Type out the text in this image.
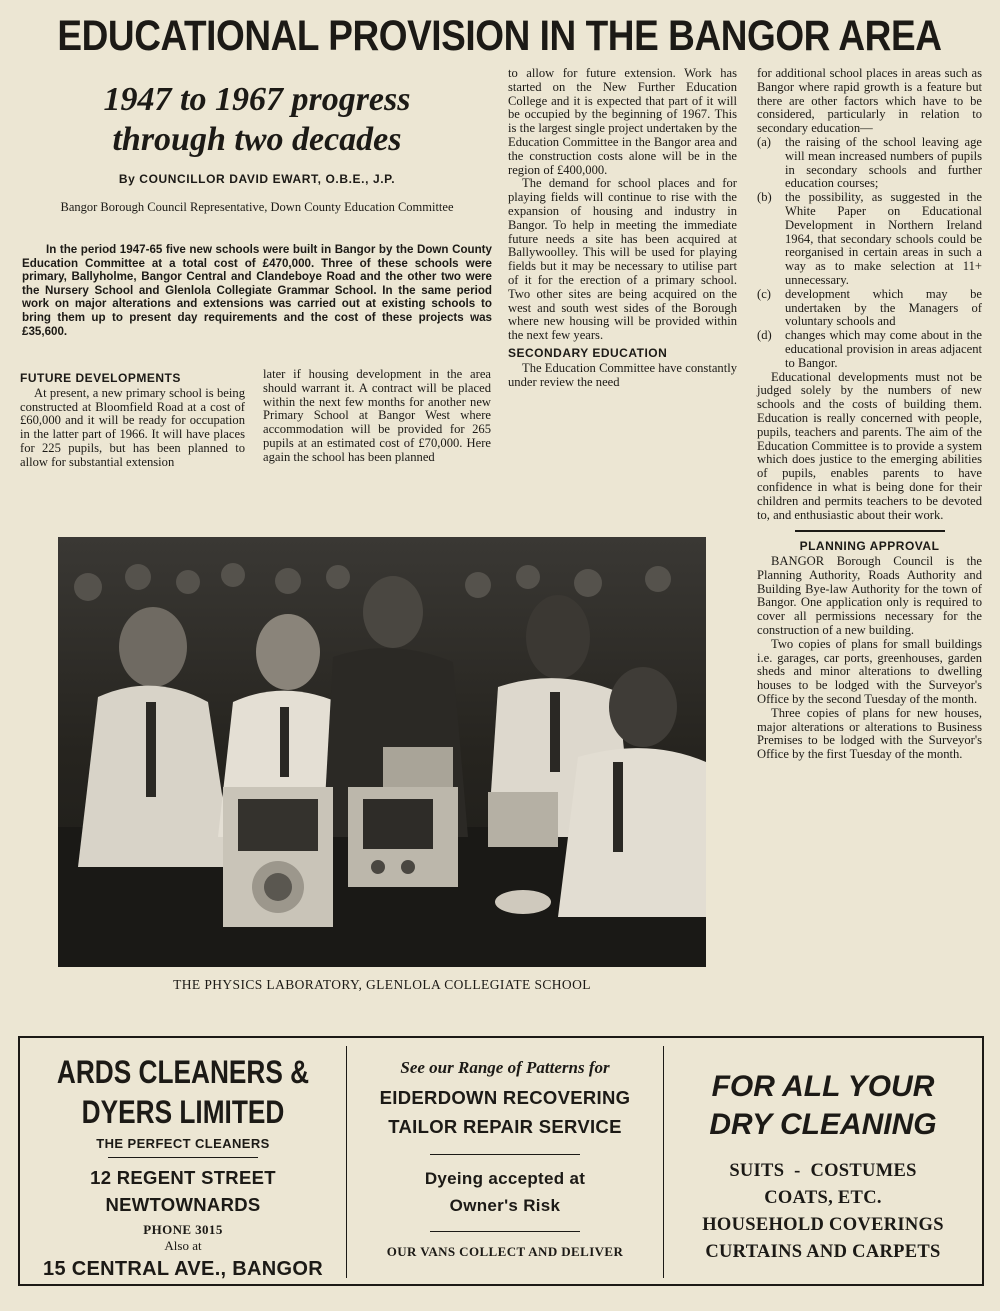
EDUCATIONAL PROVISION IN THE BANGOR AREA
1947 to 1967 progress
through two decades
By COUNCILLOR DAVID EWART, O.B.E., J.P.
Bangor Borough Council Representative, Down County Education Committee

In the period 1947-65 five new schools were built in Bangor by the Down County Education Committee at a total cost of £470,000. Three of these schools were primary, Ballyholme, Bangor Central and Clandeboye Road and the other two were the Nursery School and Glenlola Collegiate Grammar School. In the same period work on major alterations and extensions was carried out at existing schools to bring them up to present day requirements and the cost of these projects was £35,600.

FUTURE DEVELOPMENTS

At present, a new primary school is being constructed at Bloomfield Road at a cost of £60,000 and it will be ready for occupation in the latter part of 1966. It will have places for 225 pupils, but has been planned to allow for substantial extension

later if housing development in the area should warrant it. A contract will be placed within the next few months for another new Primary School at Bangor West where accommodation will be provided for 265 pupils at an estimated cost of £70,000. Here again the school has been planned

to allow for future extension. Work has started on the New Further Education College and it is expected that part of it will be occupied by the beginning of 1967. This is the largest single project undertaken by the Education Committee in the Bangor area and the construction costs alone will be in the region of £400,000.

The demand for school places and for playing fields will continue to rise with the expansion of housing and industry in Bangor. To help in meeting the immediate future needs a site has been acquired at Ballywoolley. This will be used for playing fields but it may be necessary to utilise part of it for the erection of a primary school. Two other sites are being acquired on the west and south west sides of the Borough where new housing will be provided within the next few years.

SECONDARY EDUCATION

The Education Committee have constantly under review the need

for additional school places in areas such as Bangor where rapid growth is a feature but there are other factors which have to be considered, particularly in relation to secondary education—

(a)	the raising of the school leaving age will mean increased numbers of pupils in secondary schools and further education courses;
(b)	the possibility, as suggested in the White Paper on Educational Development in Northern Ireland 1964, that secondary schools could be reorganised in certain areas in such a way as to make selection at 11+ unnecessary.
(c)	development which may be undertaken by the Managers of voluntary schools and
(d)	changes which may come about in the educational provision in areas adjacent to Bangor.

Educational developments must not be judged solely by the numbers of new schools and the costs of building them. Education is really concerned with people, pupils, teachers and parents. The aim of the Education Committee is to provide a system which does justice to the emerging abilities of pupils, enables parents to have confidence in what is being done for their children and permits teachers to be devoted to, and enthusiastic about their work.

PLANNING APPROVAL

BANGOR Borough Council is the Planning Authority, Roads Authority and Building Bye-law Authority for the town of Bangor. One application only is required to cover all permissions necessary for the construction of a new building.

Two copies of plans for small buildings i.e. garages, car ports, greenhouses, garden sheds and minor alterations to dwelling houses to be lodged with the Surveyor's Office by the second Tuesday of the month.

Three copies of plans for new houses, major alterations or alterations to Business Premises to be lodged with the Surveyor's Office by the first Tuesday of the month.

THE PHYSICS LABORATORY, GLENLOLA COLLEGIATE SCHOOL
ARDS CLEANERS &
DYERS LIMITED
THE PERFECT CLEANERS
12 REGENT STREET
NEWTOWNARDS
PHONE 3015
Also at
15 CENTRAL AVE., BANGOR
See our Range of Patterns for
EIDERDOWN RECOVERING
TAILOR REPAIR SERVICE
Dyeing accepted at
Owner's Risk
OUR VANS COLLECT AND DELIVER
FOR ALL YOUR
DRY CLEANING
SUITS  -  COSTUMES
COATS, ETC.
HOUSEHOLD COVERINGS
CURTAINS AND CARPETS
